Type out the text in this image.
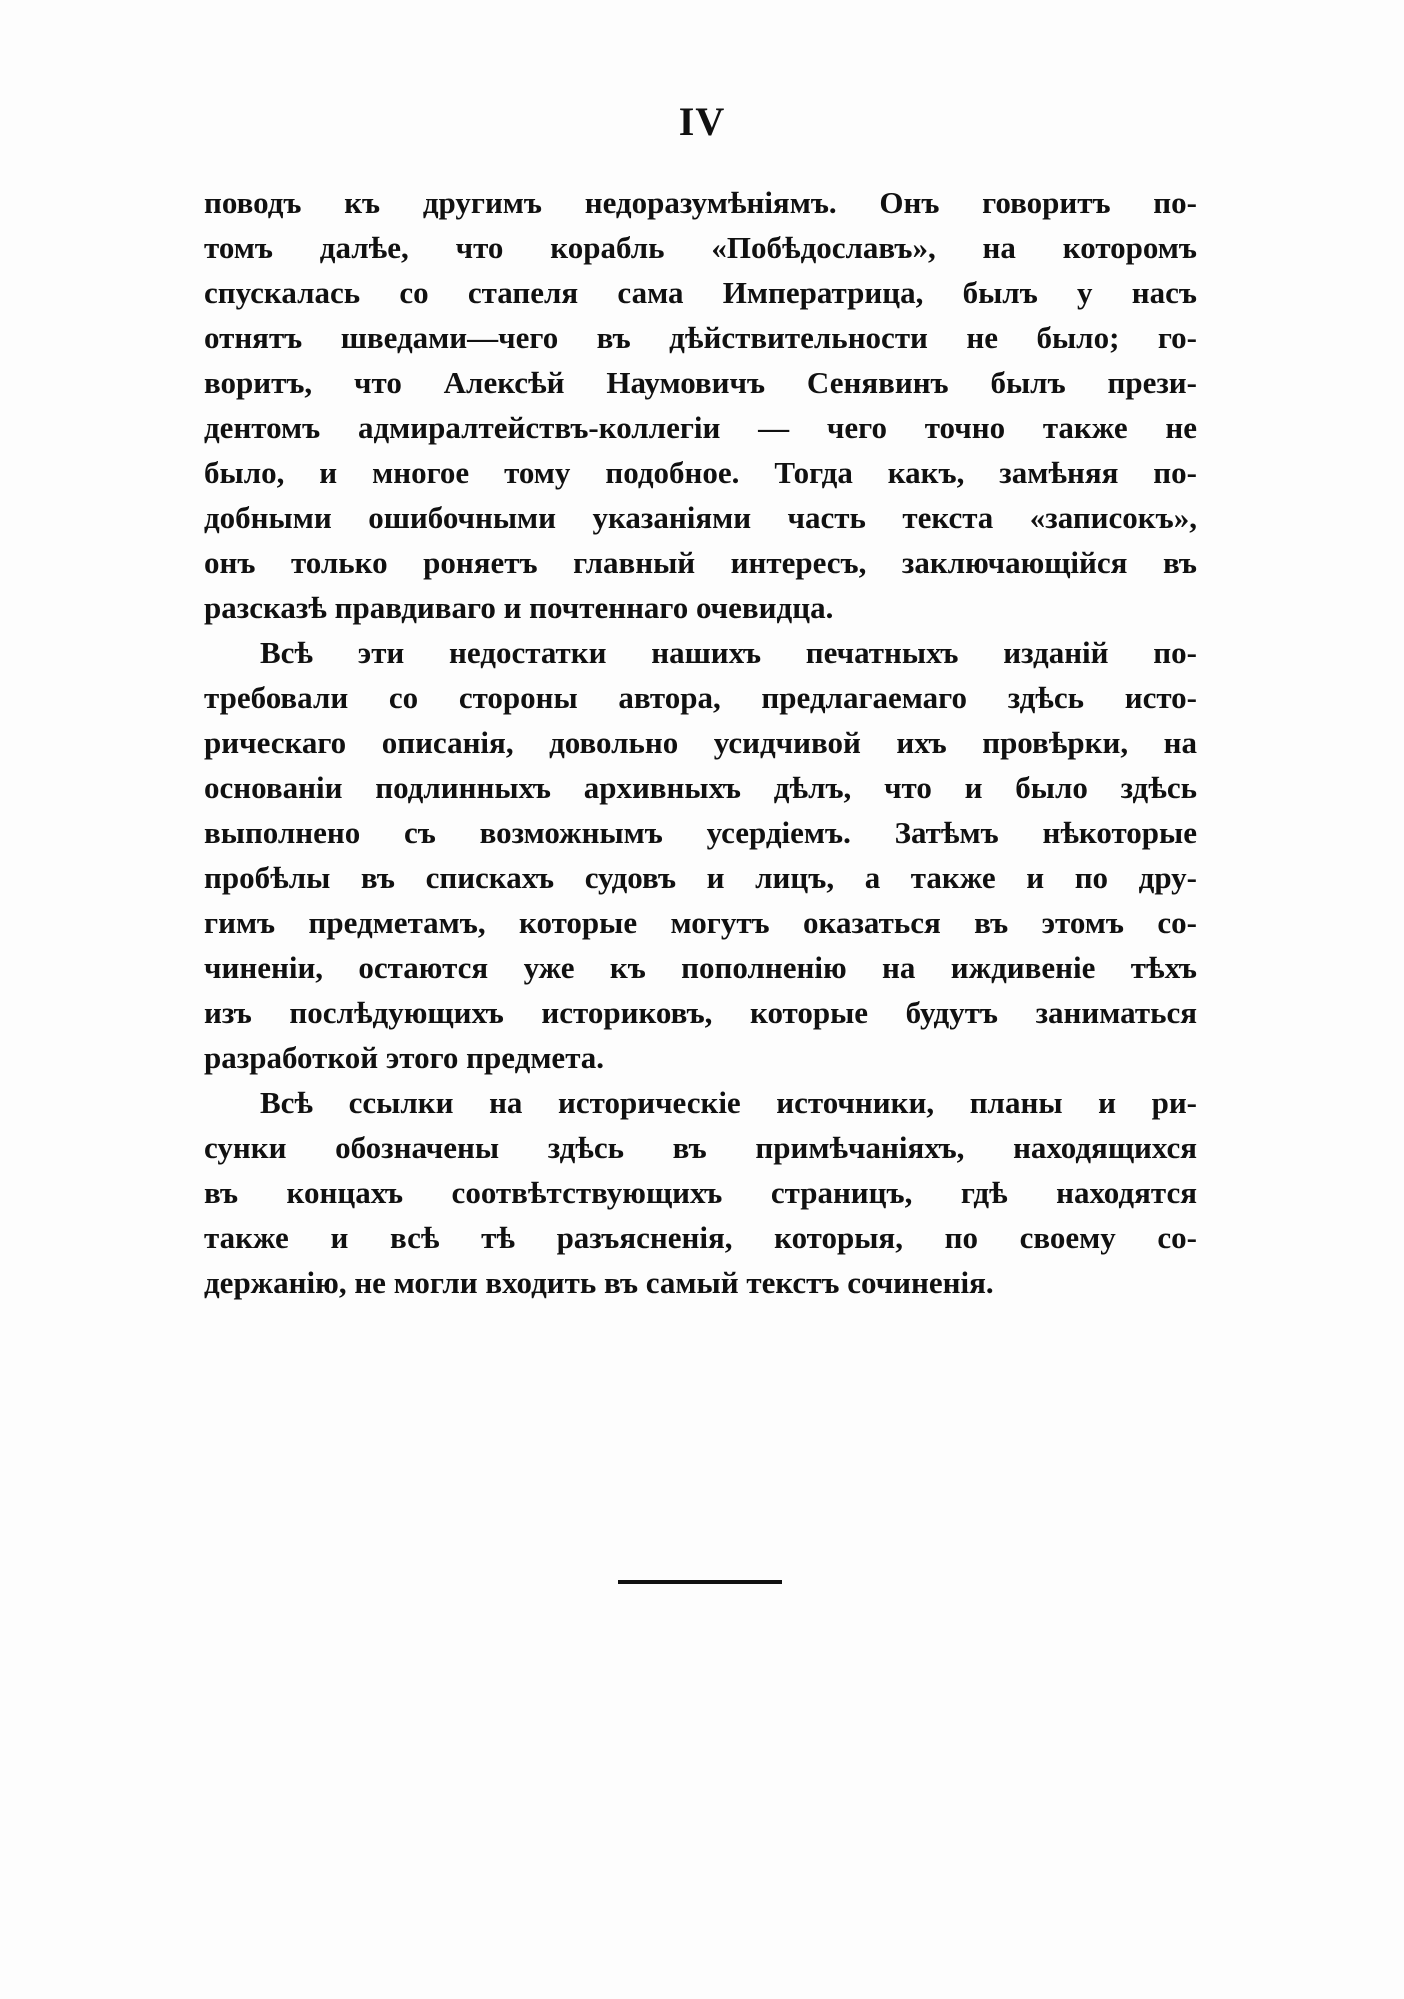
IV
поводъ къ другимъ недоразумѣніямъ. Онъ говоритъ по-
томъ далѣе, что корабль «Побѣдославъ», на которомъ
спускалась со стапеля сама Императрица, былъ у насъ
отнятъ шведами—чего въ дѣйствительности не было; го-
воритъ, что Алексѣй Наумовичъ Сенявинъ былъ прези-
дентомъ адмиралтействъ-коллегіи — чего точно также не
было, и многое тому подобное. Тогда какъ, замѣняя по-
добными ошибочными указаніями часть текста «записокъ»,
онъ только роняетъ главный интересъ, заключающійся въ
разсказѣ правдиваго и почтеннаго очевидца.
Всѣ эти недостатки нашихъ печатныхъ изданій по-
требовали со стороны автора, предлагаемаго здѣсь исто-
рическаго описанія, довольно усидчивой ихъ провѣрки, на
основаніи подлинныхъ архивныхъ дѣлъ, что и было здѣсь
выполнено съ возможнымъ усердіемъ. Затѣмъ нѣкоторые
пробѣлы въ спискахъ судовъ и лицъ, а также и по дру-
гимъ предметамъ, которые могутъ оказаться въ этомъ со-
чиненіи, остаются уже къ пополненію на иждивеніе тѣхъ
изъ послѣдующихъ историковъ, которые будутъ заниматься
разработкой этого предмета.
Всѣ ссылки на историческіе источники, планы и ри-
сунки обозначены здѣсь въ примѣчаніяхъ, находящихся
въ концахъ соотвѣтствующихъ страницъ, гдѣ находятся
также и всѣ тѣ разъясненія, которыя, по своему со-
держанію, не могли входить въ самый текстъ сочиненія.
